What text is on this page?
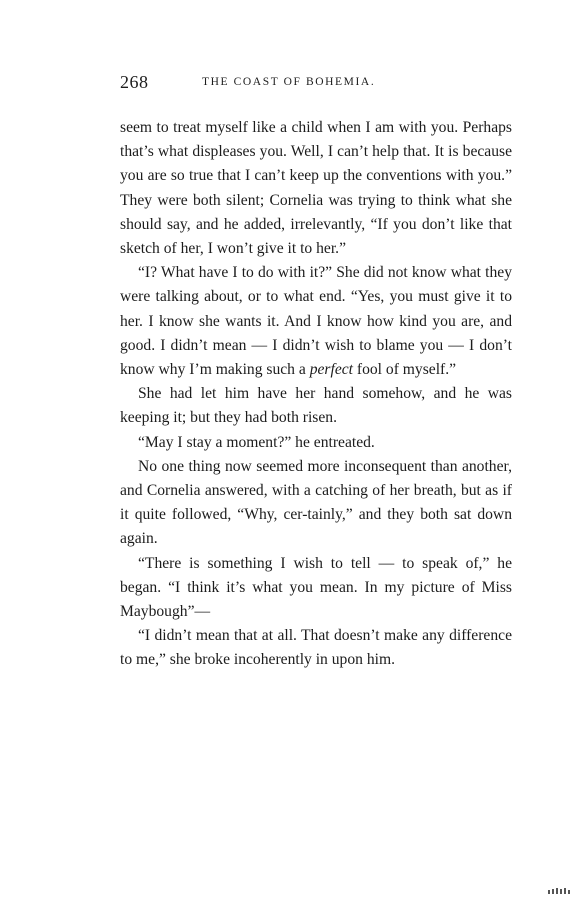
268	THE COAST OF BOHEMIA.

seem to treat myself like a child when I am with you. Perhaps that’s what displeases you. Well, I can’t help that. It is because you are so true that I can’t keep up the conventions with you.” They were both silent; Cornelia was trying to think what she should say, and he added, irrelevantly, “If you don’t like that sketch of her, I won’t give it to her.”

“I? What have I to do with it?” She did not know what they were talking about, or to what end. “Yes, you must give it to her. I know she wants it. And I know how kind you are, and good. I didn’t mean — I didn’t wish to blame you — I don’t know why I’m making such a perfect fool of myself.”

She had let him have her hand somehow, and he was keeping it; but they had both risen.

“May I stay a moment?” he entreated.

No one thing now seemed more inconsequent than another, and Cornelia answered, with a catching of her breath, but as if it quite followed, “Why, cer-tainly,” and they both sat down again.

“There is something I wish to tell — to speak of,” he began. “I think it’s what you mean. In my picture of Miss Maybough”—

“I didn’t mean that at all. That doesn’t make any difference to me,” she broke incoherently in upon him.
